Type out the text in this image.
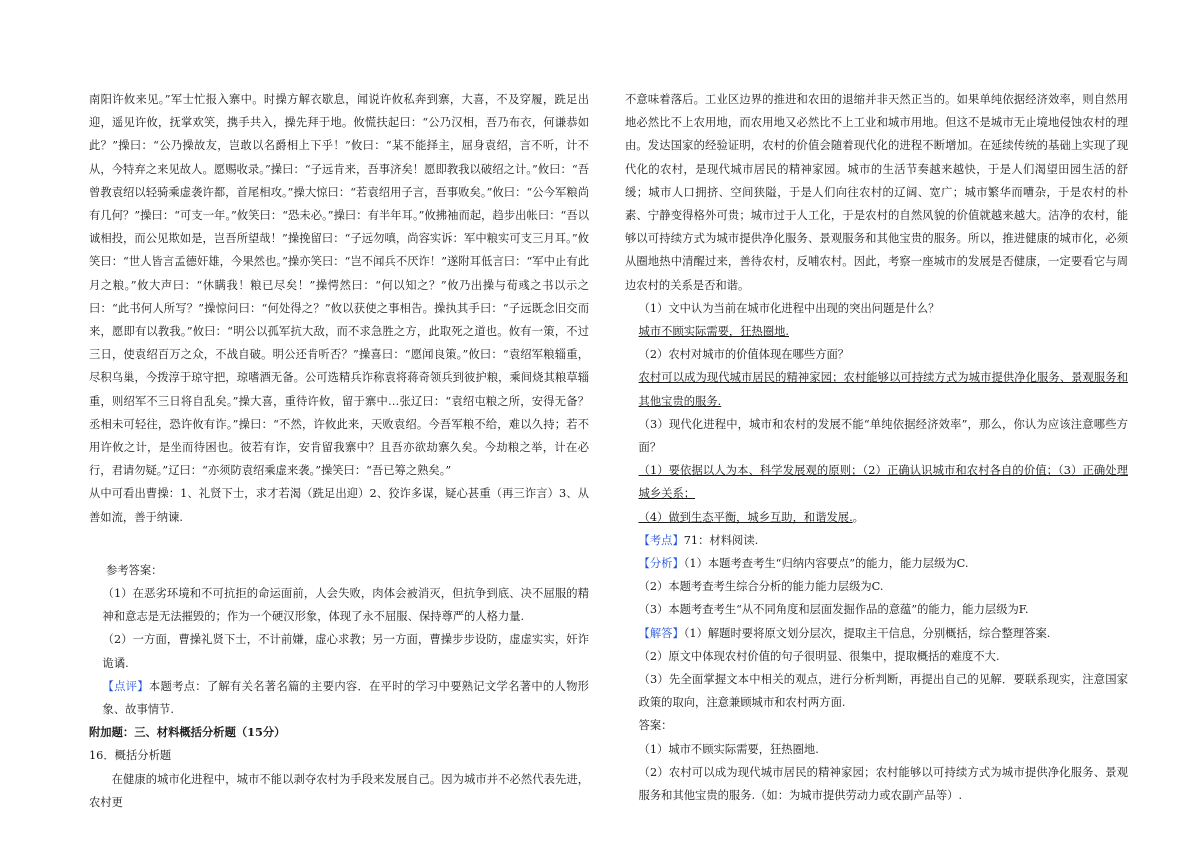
南阳许攸来见。”军士忙报入寨中。时操方解衣歇息，闻说许攸私奔到寨，大喜，不及穿履，跣足出迎，遥见许攸，抚掌欢笑，携手共入，操先拜于地。攸慌扶起曰：“公乃汉相，吾乃布衣，何谦恭如此？”操曰：“公乃操故友，岂敢以名爵相上下乎！”攸曰：“某不能择主，屈身袁绍，言不听，计不从，今特弃之来见故人。愿赐收录。”操曰：“子远肯来，吾事济矣！愿即教我以破绍之计。”攸曰：“吾曾教袁绍以轻骑乘虚袭许都，首尾相攻。”操大惊曰：“若袁绍用子言，吾事败矣。”攸曰：“公今军粮尚有几何？”操曰：“可支一年。”攸笑曰：“恐未必。”操曰：有半年耳。”攸拂袖而起，趋步出帐曰：“吾以诚相投，而公见欺如是，岂吾所望哉！”操挽留曰：“子远勿嗔，尚容实诉：军中粮实可支三月耳。”攸笑曰：“世人皆言孟德奸雄，今果然也。”操亦笑曰：“岂不闻兵不厌诈！”遂附耳低言曰：“军中止有此月之粮。”攸大声曰：“休瞒我！粮已尽矣！”操愕然曰：“何以知之？”攸乃出操与荀彧之书以示之曰：“此书何人所写？”操惊问曰：“何处得之？”攸以获使之事相告。操执其手曰：“子远既念旧交而来，愿即有以教我。”攸曰：“明公以孤军抗大敌，而不求急胜之方，此取死之道也。攸有一策，不过三日，使袁绍百万之众，不战自破。明公还肯听否？”操喜曰：“愿闻良策。”攸曰：“袁绍军粮辎重，尽积乌巢，今拨淳于琼守把，琼嗜酒无备。公可选精兵诈称袁将蒋奇领兵到彼护粮，乘间烧其粮草辎重，则绍军不三日将自乱矣。”操大喜，重待许攸，留于寨中…张辽曰：“袁绍屯粮之所，安得无备？丞相未可轻往，恐许攸有诈。”操曰：“不然，许攸此来，天败袁绍。今吾军粮不给，难以久持；若不用许攸之计，是坐而待困也。彼若有诈，安肯留我寨中？且吾亦欲劫寨久矣。今劫粮之举，计在必行，君请勿疑。”辽曰：“亦须防袁绍乘虚来袭。”操笑曰：“吾已筹之熟矣。”

从中可看出曹操：1、礼贤下士，求才若渴（跣足出迎）2、狡诈多谋，疑心甚重（再三诈言）3、从善如流，善于纳谏.

参考答案：

（1）在恶劣环境和不可抗拒的命运面前，人会失败，肉体会被消灭，但抗争到底、决不屈服的精神和意志是无法摧毁的；作为一个硬汉形象，体现了永不屈服、保持尊严的人格力量.

（2）一方面，曹操礼贤下士，不计前嫌，虚心求教；另一方面，曹操步步设防，虚虚实实，奸诈诡谲.

【点评】本题考点：了解有关名著名篇的主要内容．在平时的学习中要熟记文学名著中的人物形象、故事情节.

附加题：三、材料概括分析题（15分）

16．概括分析题

在健康的城市化进程中，城市不能以剥夺农村为手段来发展自己。因为城市并不必然代表先进，农村更

不意味着落后。工业区边界的推进和农田的退缩并非天然正当的。如果单纯依据经济效率，则自然用地必然比不上农用地，而农用地又必然比不上工业和城市用地。但这不是城市无止境地侵蚀农村的理由。发达国家的经验证明，农村的价值会随着现代化的进程不断增加。在延续传统的基础上实现了现代化的农村，是现代城市居民的精神家园。城市的生活节奏越来越快，于是人们渴望田园生活的舒缓；城市人口拥挤、空间狭隘，于是人们向往农村的辽阔、宽广；城市繁华而嘈杂，于是农村的朴素、宁静变得格外可贵；城市过于人工化，于是农村的自然风貌的价值就越来越大。洁净的农村，能够以可持续方式为城市提供净化服务、景观服务和其他宝贵的服务。所以，推进健康的城市化，必须从圈地热中清醒过来，善待农村，反哺农村。因此，考察一座城市的发展是否健康，一定要看它与周边农村的关系是否和谐。

（1）文中认为当前在城市化进程中出现的突出问题是什么？

城市不顾实际需要，狂热圈地.

（2）农村对城市的价值体现在哪些方面？

农村可以成为现代城市居民的精神家园；农村能够以可持续方式为城市提供净化服务、景观服务和其他宝贵的服务.

（3）现代化进程中，城市和农村的发展不能“单纯依据经济效率”，那么，你认为应该注意哪些方面？

（1）要依据以人为本、科学发展观的原则；（2）正确认识城市和农村各自的价值；（3）正确处理城乡关系；

（4）做到生态平衡，城乡互助，和谐发展.。

【考点】71：材料阅读.

【分析】（1）本题考查考生“归纳内容要点”的能力，能力层级为C.

（2）本题考查考生综合分析的能力能力层级为C.

（3）本题考查考生“从不同角度和层面发掘作品的意蕴”的能力，能力层级为F.

【解答】（1）解题时要将原文划分层次，提取主干信息，分别概括，综合整理答案.

（2）原文中体现农村价值的句子很明显、很集中，提取概括的难度不大.

（3）先全面掌握文本中相关的观点，进行分析判断，再提出自己的见解．要联系现实，注意国家政策的取向，注意兼顾城市和农村两方面.

答案：

（1）城市不顾实际需要，狂热圈地.

（2）农村可以成为现代城市居民的精神家园；农村能够以可持续方式为城市提供净化服务、景观服务和其他宝贵的服务.（如：为城市提供劳动力或农副产品等）.
